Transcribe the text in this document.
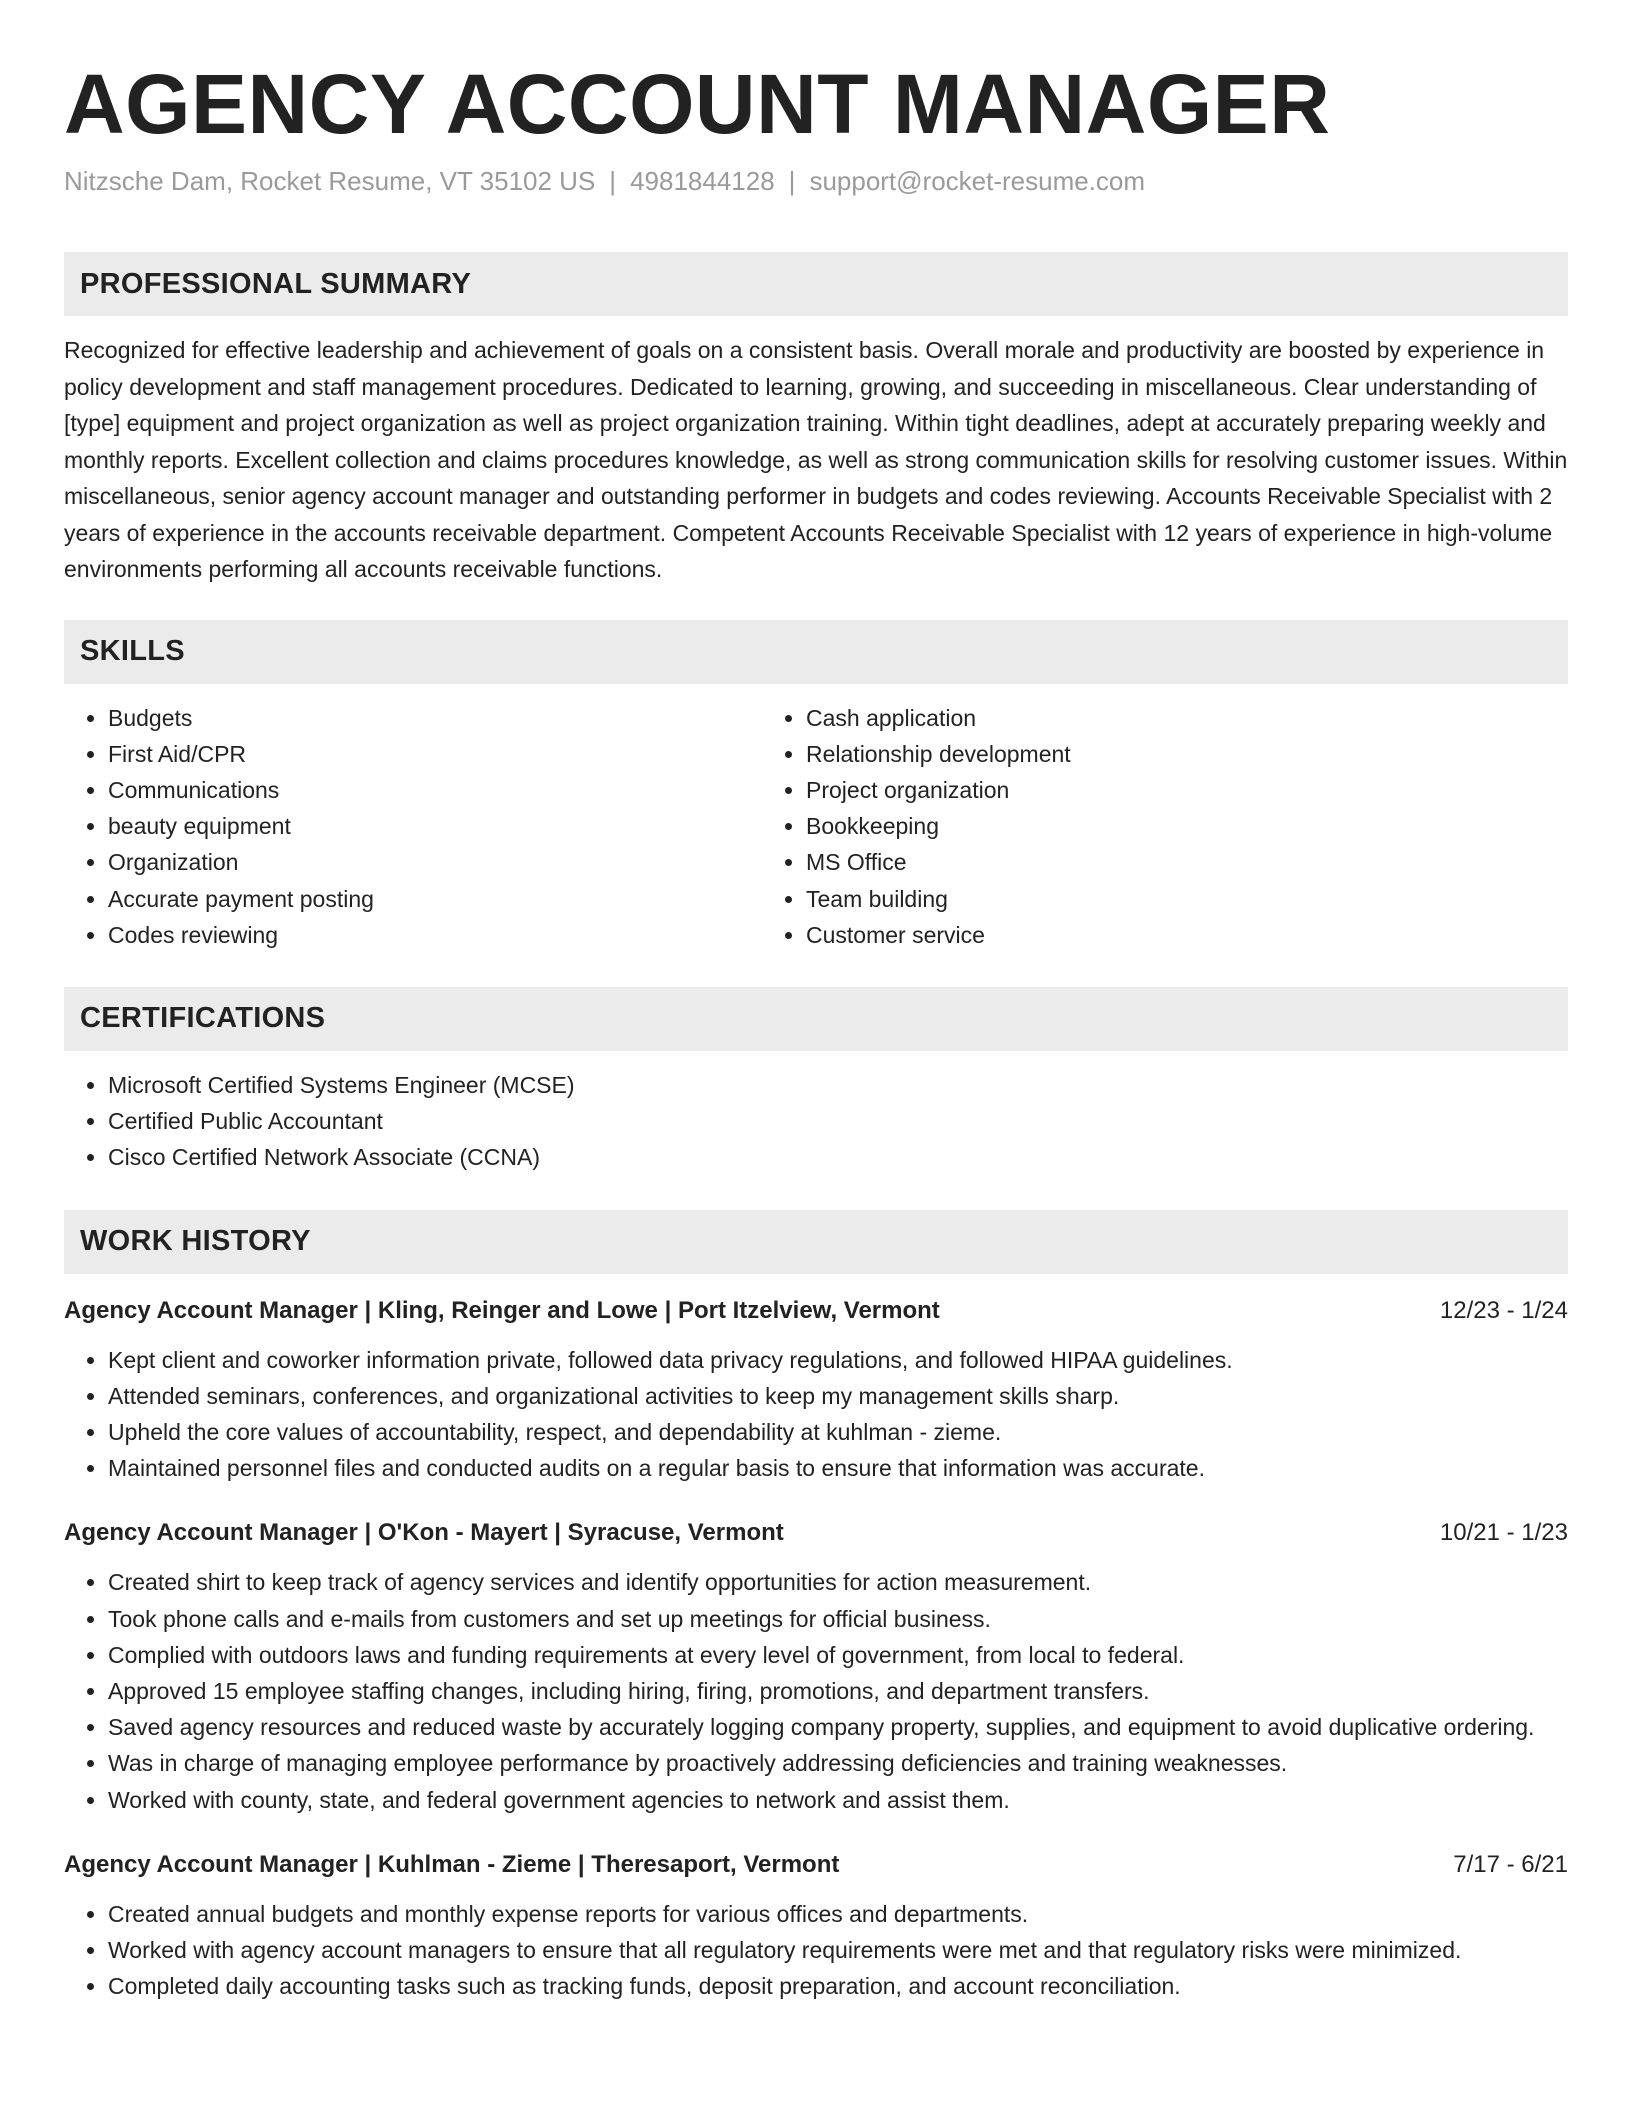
AGENCY ACCOUNT MANAGER
Nitzsche Dam, Rocket Resume, VT 35102 US | 4981844128 | support@rocket-resume.com
PROFESSIONAL SUMMARY

Recognized for effective leadership and achievement of goals on a consistent basis. Overall morale and productivity are boosted by experience in policy development and staff management procedures. Dedicated to learning, growing, and succeeding in miscellaneous. Clear understanding of [type] equipment and project organization as well as project organization training. Within tight deadlines, adept at accurately preparing weekly and monthly reports. Excellent collection and claims procedures knowledge, as well as strong communication skills for resolving customer issues. Within miscellaneous, senior agency account manager and outstanding performer in budgets and codes reviewing. Accounts Receivable Specialist with 2 years of experience in the accounts receivable department. Competent Accounts Receivable Specialist with 12 years of experience in high-volume environments performing all accounts receivable functions.

SKILLS
• Budgets
• First Aid/CPR
• Communications
• beauty equipment
• Organization
• Accurate payment posting
• Codes reviewing
• Cash application
• Relationship development
• Project organization
• Bookkeeping
• MS Office
• Team building
• Customer service
CERTIFICATIONS
• Microsoft Certified Systems Engineer (MCSE)
• Certified Public Accountant
• Cisco Certified Network Associate (CCNA)
WORK HISTORY
Agency Account Manager | Kling, Reinger and Lowe | Port Itzelview, Vermont	12/23 - 1/24
• Kept client and coworker information private, followed data privacy regulations, and followed HIPAA guidelines.
• Attended seminars, conferences, and organizational activities to keep my management skills sharp.
• Upheld the core values of accountability, respect, and dependability at kuhlman - zieme.
• Maintained personnel files and conducted audits on a regular basis to ensure that information was accurate.
Agency Account Manager | O'Kon - Mayert | Syracuse, Vermont	10/21 - 1/23
• Created shirt to keep track of agency services and identify opportunities for action measurement.
• Took phone calls and e-mails from customers and set up meetings for official business.
• Complied with outdoors laws and funding requirements at every level of government, from local to federal.
• Approved 15 employee staffing changes, including hiring, firing, promotions, and department transfers.
• Saved agency resources and reduced waste by accurately logging company property, supplies, and equipment to avoid duplicative ordering.
• Was in charge of managing employee performance by proactively addressing deficiencies and training weaknesses.
• Worked with county, state, and federal government agencies to network and assist them.
Agency Account Manager | Kuhlman - Zieme | Theresaport, Vermont	7/17 - 6/21
• Created annual budgets and monthly expense reports for various offices and departments.
• Worked with agency account managers to ensure that all regulatory requirements were met and that regulatory risks were minimized.
• Completed daily accounting tasks such as tracking funds, deposit preparation, and account reconciliation.
